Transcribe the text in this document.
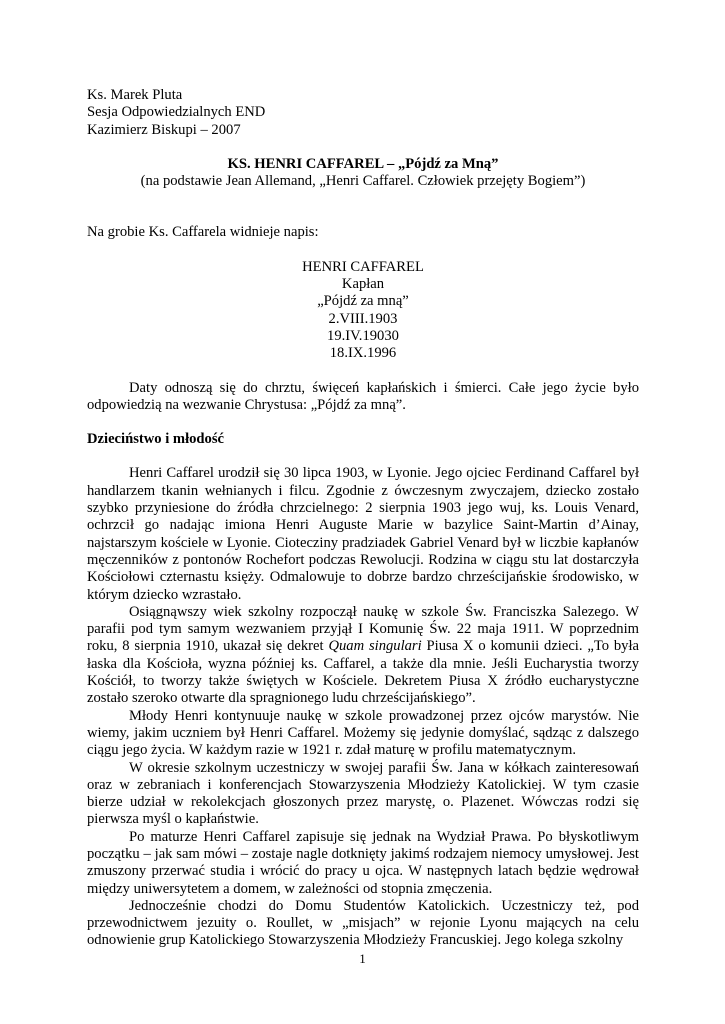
Ks. Marek Pluta

Sesja Odpowiedzialnych END

Kazimierz Biskupi – 2007

KS. HENRI CAFFAREL – „Pójdź za Mną”

(na podstawie Jean Allemand, „Henri Caffarel. Człowiek przejęty Bogiem”)

Na grobie Ks. Caffarela widnieje napis:

HENRI CAFFAREL

Kapłan

„Pójdź za mną”

2.VIII.1903

19.IV.19030

18.IX.1996

Daty odnoszą się do chrztu, święceń kapłańskich i śmierci. Całe jego życie było odpowiedzią na wezwanie Chrystusa: „Pójdź za mną”.

Dzieciństwo i młodość

Henri Caffarel urodził się 30 lipca 1903, w Lyonie. Jego ojciec Ferdinand Caffarel był handlarzem tkanin wełnianych i filcu. Zgodnie z ówczesnym zwyczajem, dziecko zostało szybko przyniesione do źródła chrzcielnego: 2 sierpnia 1903 jego wuj, ks. Louis Venard, ochrzcił go nadając imiona Henri Auguste Marie w bazylice Saint-Martin d’Ainay, najstarszym kościele w Lyonie. Ciotecziny pradziadek Gabriel Venard był w liczbie kapłanów męczenników z pontonów Rochefort podczas Rewolucji. Rodzina w ciągu stu lat dostarczyła Kościołowi czternastu księży. Odmalowuje to dobrze bardzo chrześcijańskie środowisko, w którym dziecko wzrastało.

Osiągnąwszy wiek szkolny rozpoczął naukę w szkole Św. Franciszka Salezego. W parafii pod tym samym wezwaniem przyjął I Komunię Św. 22 maja 1911. W poprzednim roku, 8 sierpnia 1910, ukazał się dekret Quam singulari Piusa X o komunii dzieci. „To była łaska dla Kościoła, wyzna później ks. Caffarel, a także dla mnie. Jeśli Eucharystia tworzy Kościół, to tworzy także świętych w Kościele. Dekretem Piusa X źródło eucharystyczne zostało szeroko otwarte dla spragnionego ludu chrześcijańskiego”.

Młody Henri kontynuuje naukę w szkole prowadzonej przez ojców marystów. Nie wiemy, jakim uczniem był Henri Caffarel. Możemy się jedynie domyślać, sądząc z dalszego ciągu jego życia. W każdym razie w 1921 r. zdał maturę w profilu matematycznym.

W okresie szkolnym uczestniczy w swojej parafii Św. Jana w kółkach zainteresowań oraz w zebraniach i konferencjach Stowarzyszenia Młodzieży Katolickiej. W tym czasie bierze udział w rekolekcjach głoszonych przez marystę, o. Plazenet. Wówczas rodzi się pierwsza myśl o kapłaństwie.

Po maturze Henri Caffarel zapisuje się jednak na Wydział Prawa. Po błyskotliwym początku – jak sam mówi – zostaje nagle dotknięty jakimś rodzajem niemocy umysłowej. Jest zmuszony przerwać studia i wrócić do pracy u ojca. W następnych latach będzie wędrował między uniwersytetem a domem, w zależności od stopnia zmęczenia.

Jednocześnie chodzi do Domu Studentów Katolickich. Uczestniczy też, pod przewodnictwem jezuity o. Roullet, w „misjach” w rejonie Lyonu mających na celu odnowienie grup Katolickiego Stowarzyszenia Młodzieży Francuskiej. Jego kolega szkolny

1
